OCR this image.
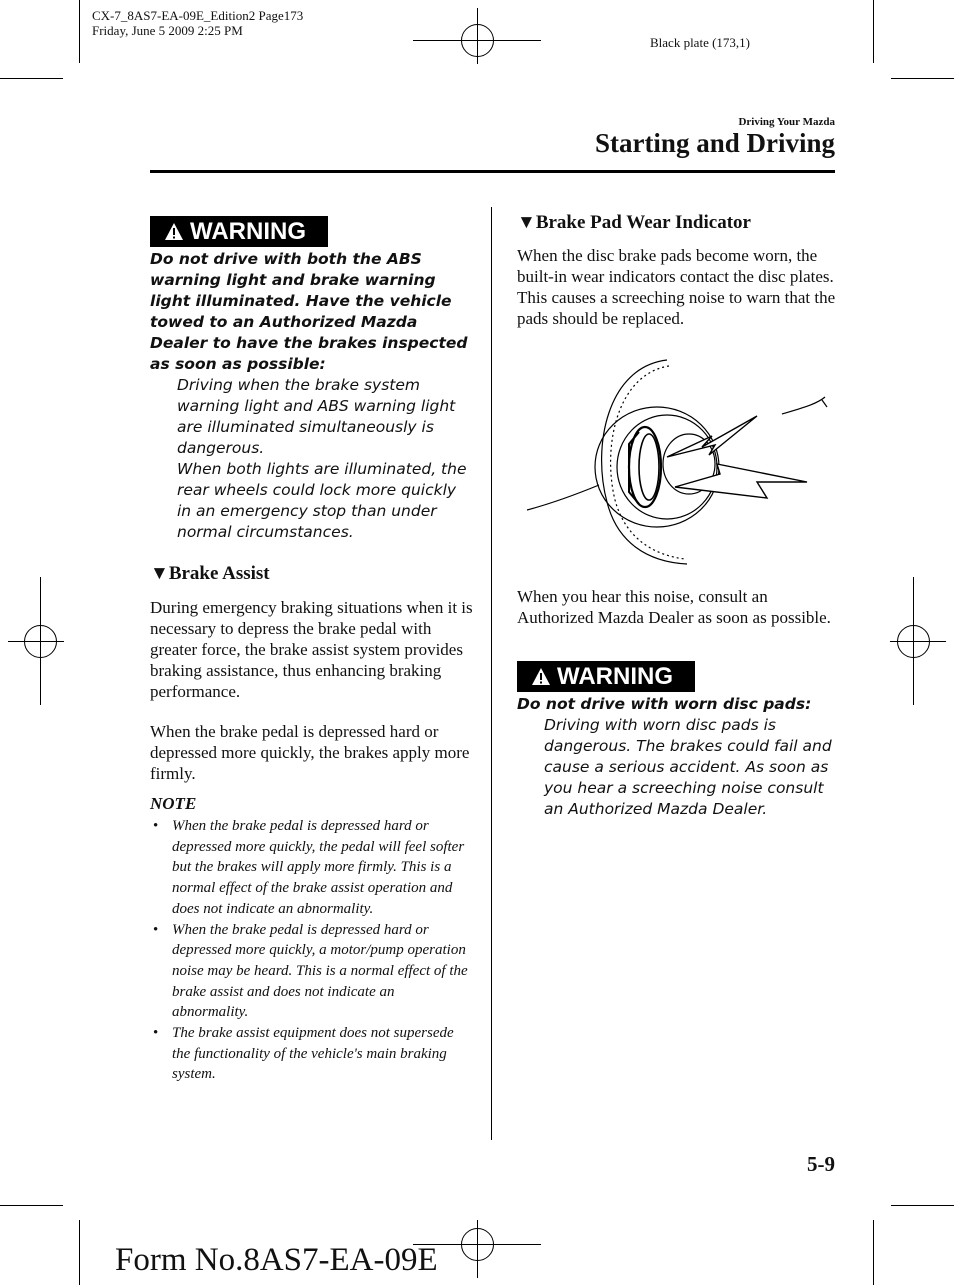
CX-7_8AS7-EA-09E_Edition2 Page173
Friday, June 5 2009 2:25 PM
Black plate (173,1)
Driving Your Mazda
Starting and Driving
WARNING
Do not drive with both the ABS warning light and brake warning light illuminated. Have the vehicle towed to an Authorized Mazda Dealer to have the brakes inspected as soon as possible:
Driving when the brake system warning light and ABS warning light are illuminated simultaneously is dangerous.
When both lights are illuminated, the rear wheels could lock more quickly in an emergency stop than under normal circumstances.
▼Brake Assist
During emergency braking situations when it is necessary to depress the brake pedal with greater force, the brake assist system provides braking assistance, thus enhancing braking performance.
When the brake pedal is depressed hard or depressed more quickly, the brakes apply more firmly.
NOTE
• When the brake pedal is depressed hard or depressed more quickly, the pedal will feel softer but the brakes will apply more firmly. This is a normal effect of the brake assist operation and does not indicate an abnormality.
• When the brake pedal is depressed hard or depressed more quickly, a motor/pump operation noise may be heard. This is a normal effect of the brake assist and does not indicate an abnormality.
• The brake assist equipment does not supersede the functionality of the vehicle's main braking system.
▼Brake Pad Wear Indicator
When the disc brake pads become worn, the built-in wear indicators contact the disc plates. This causes a screeching noise to warn that the pads should be replaced.
When you hear this noise, consult an Authorized Mazda Dealer as soon as possible.
WARNING
Do not drive with worn disc pads:
Driving with worn disc pads is dangerous. The brakes could fail and cause a serious accident. As soon as you hear a screeching noise consult an Authorized Mazda Dealer.
5-9
Form No.8AS7-EA-09E
